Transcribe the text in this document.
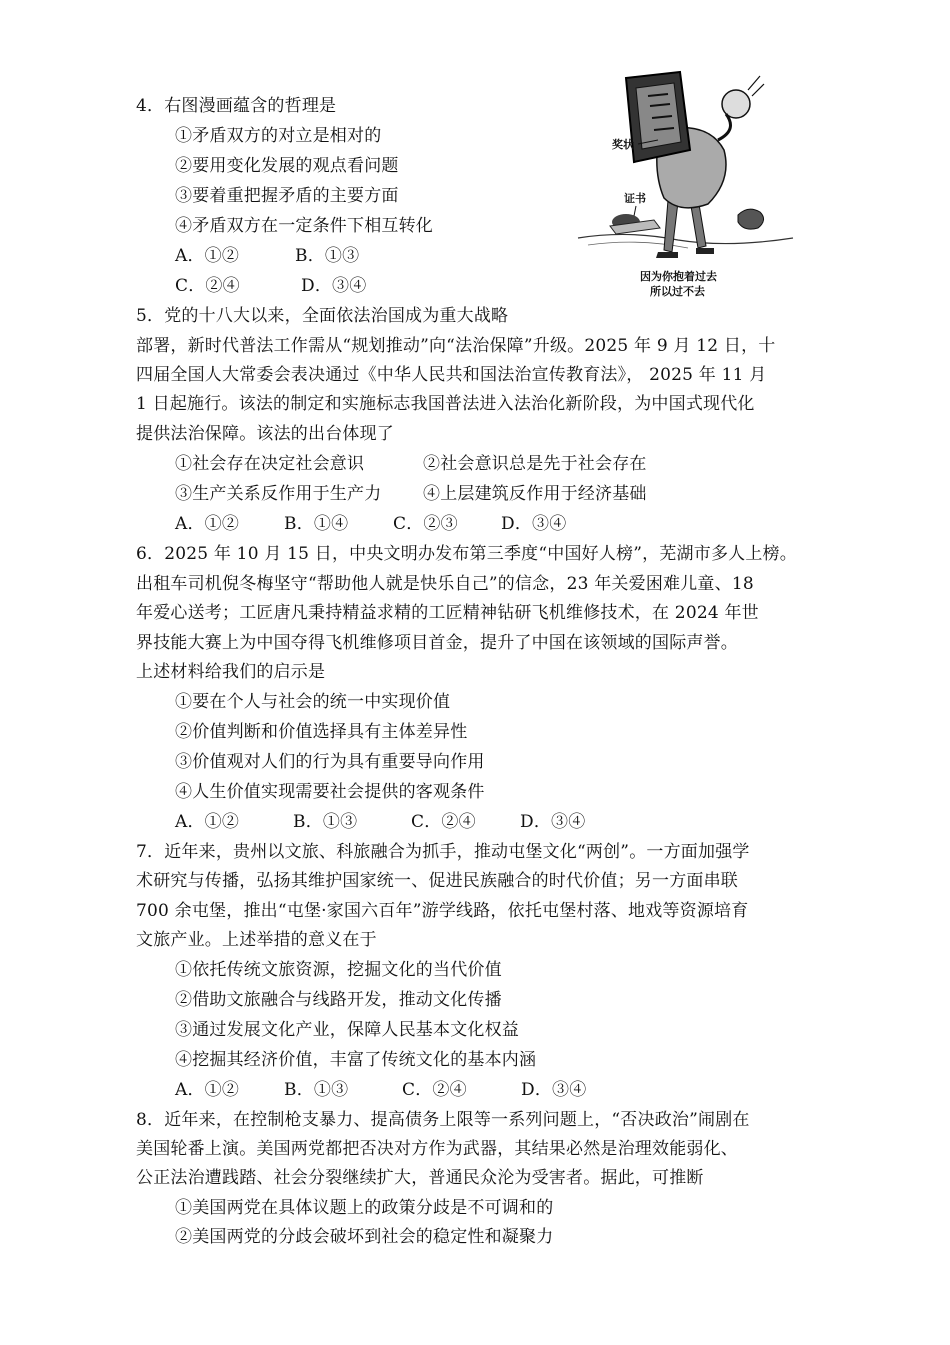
4．右图漫画蕴含的哲理是
①矛盾双方的对立是相对的
②要用变化发展的观点看问题
③要着重把握矛盾的主要方面
④矛盾双方在一定条件下相互转化
A．①②	B．①③
C．②④	D．③④
奖状
证书
因为你抱着过去
所以过不去
5．党的十八大以来，全面依法治国成为重大战略
部署，新时代普法工作需从“规划推动”向“法治保障”升级。2025 年 9 月 12 日，十
四届全国人大常委会表决通过《中华人民共和国法治宣传教育法》， 2025 年 11 月
1 日起施行。该法的制定和实施标志我国普法进入法治化新阶段，为中国式现代化
提供法治保障。该法的出台体现了
①社会存在决定社会意识	②社会意识总是先于社会存在
③生产关系反作用于生产力 ④上层建筑反作用于经济基础
A．①②	B．①④	C．②③	D．③④
6．2025 年 10 月 15 日，中央文明办发布第三季度“中国好人榜”，芜湖市多人上榜。
出租车司机倪冬梅坚守“帮助他人就是快乐自己”的信念，23 年关爱困难儿童、18
年爱心送考；工匠唐凡秉持精益求精的工匠精神钻研飞机维修技术，在 2024 年世
界技能大赛上为中国夺得飞机维修项目首金，提升了中国在该领域的国际声誉。
上述材料给我们的启示是
①要在个人与社会的统一中实现价值
②价值判断和价值选择具有主体差异性
③价值观对人们的行为具有重要导向作用
④人生价值实现需要社会提供的客观条件
A．①②	B．①③	C．②④	D．③④
7．近年来，贵州以文旅、科旅融合为抓手，推动屯堡文化“两创”。一方面加强学
术研究与传播，弘扬其维护国家统一、促进民族融合的时代价值；另一方面串联
700 余屯堡，推出“屯堡·家国六百年”游学线路，依托屯堡村落、地戏等资源培育
文旅产业。上述举措的意义在于
①依托传统文旅资源，挖掘文化的当代价值
②借助文旅融合与线路开发，推动文化传播
③通过发展文化产业，保障人民基本文化权益
④挖掘其经济价值，丰富了传统文化的基本内涵
A．①②	B．①③	C．②④	D．③④
8．近年来，在控制枪支暴力、提高债务上限等一系列问题上，“否决政治”闹剧在
美国轮番上演。美国两党都把否决对方作为武器，其结果必然是治理效能弱化、
公正法治遭践踏、社会分裂继续扩大，普通民众沦为受害者。据此，可推断
①美国两党在具体议题上的政策分歧是不可调和的
②美国两党的分歧会破坏到社会的稳定性和凝聚力
